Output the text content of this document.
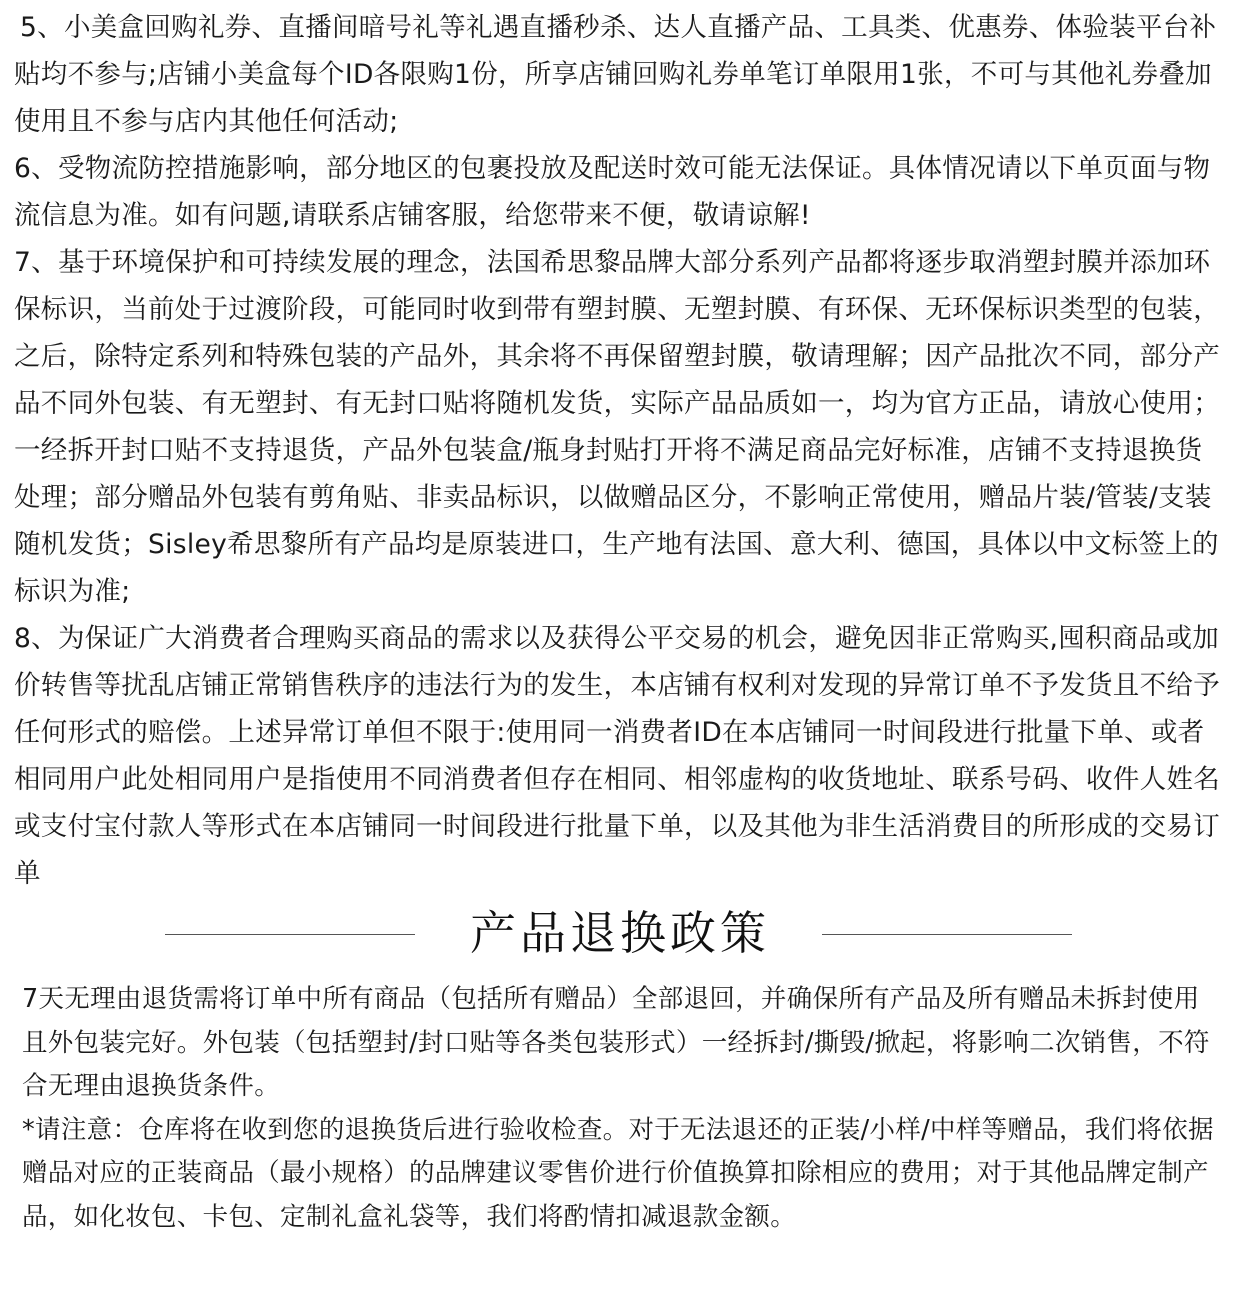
5、小美盒回购礼券、直播间暗号礼等礼遇直播秒杀、达人直播产品、工具类、优惠券、体验装平台补贴均不参与;店铺小美盒每个ID各限购1份，所享店铺回购礼券单笔订单限用1张，不可与其他礼券叠加使用且不参与店内其他任何活动;

6、受物流防控措施影响，部分地区的包裹投放及配送时效可能无法保证。具体情况请以下单页面与物流信息为准。如有问题,请联系店铺客服，给您带来不便，敬请谅解!

7、基于环境保护和可持续发展的理念，法国希思黎品牌大部分系列产品都将逐步取消塑封膜并添加环保标识，当前处于过渡阶段，可能同时收到带有塑封膜、无塑封膜、有环保、无环保标识类型的包装，之后，除特定系列和特殊包装的产品外，其余将不再保留塑封膜，敬请理解；因产品批次不同，部分产品不同外包装、有无塑封、有无封口贴将随机发货，实际产品品质如一，均为官方正品，请放心使用；一经拆开封口贴不支持退货，产品外包装盒/瓶身封贴打开将不满足商品完好标准，店铺不支持退换货处理；部分赠品外包装有剪角贴、非卖品标识，以做赠品区分，不影响正常使用，赠品片装/管装/支装随机发货；Sisley希思黎所有产品均是原装进口，生产地有法国、意大利、德国，具体以中文标签上的标识为准;

8、为保证广大消费者合理购买商品的需求以及获得公平交易的机会，避免因非正常购买,囤积商品或加价转售等扰乱店铺正常销售秩序的违法行为的发生，本店铺有权利对发现的异常订单不予发货且不给予任何形式的赔偿。上述异常订单但不限于:使用同一消费者ID在本店铺同一时间段进行批量下单、或者相同用户此处相同用户是指使用不同消费者但存在相同、相邻虚构的收货地址、联系号码、收件人姓名或支付宝付款人等形式在本店铺同一时间段进行批量下单，以及其他为非生活消费目的所形成的交易订单

产品退换政策

7天无理由退货需将订单中所有商品（包括所有赠品）全部退回，并确保所有产品及所有赠品未拆封使用且外包装完好。外包装（包括塑封/封口贴等各类包装形式）一经拆封/撕毁/掀起，将影响二次销售，不符合无理由退换货条件。

*请注意：仓库将在收到您的退换货后进行验收检查。对于无法退还的正装/小样/中样等赠品，我们将依据赠品对应的正装商品（最小规格）的品牌建议零售价进行价值换算扣除相应的费用；对于其他品牌定制产品，如化妆包、卡包、定制礼盒礼袋等，我们将酌情扣减退款金额。
